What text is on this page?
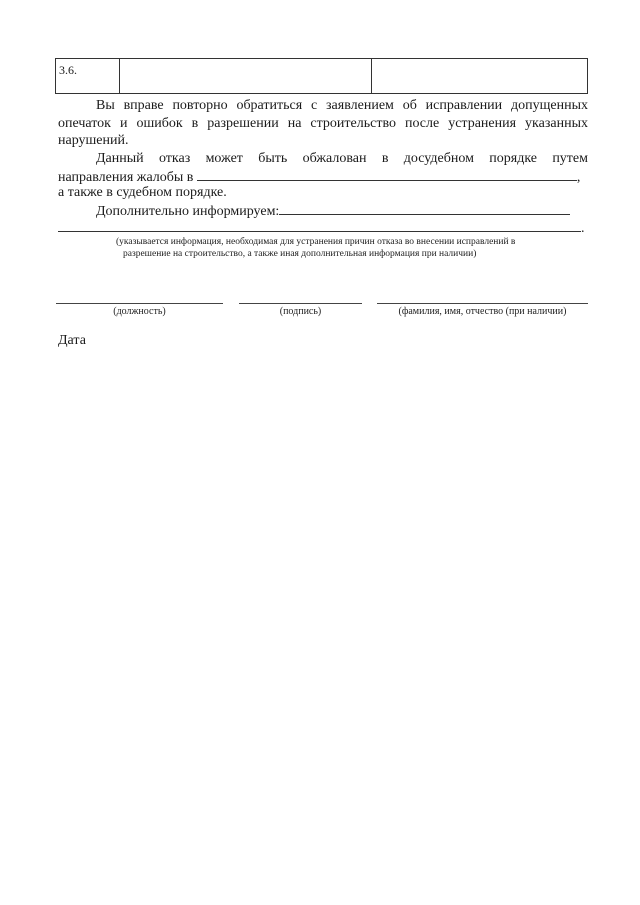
3.6.
Вы вправе повторно обратиться с заявлением об исправлении допущенных
опечаток и ошибок в разрешении на строительство после устранения указанных
нарушений.
Данный отказ может быть обжалован в досудебном порядке путем
направления жалобы в	,
а также в судебном порядке.
Дополнительно информируем:
.
(указывается информация, необходимая для устранения причин отказа во внесении исправлений в
разрешение на строительство, а также иная дополнительная информация при наличии)
(должность)	(подпись)	(фамилия, имя, отчество (при наличии)
Дата
